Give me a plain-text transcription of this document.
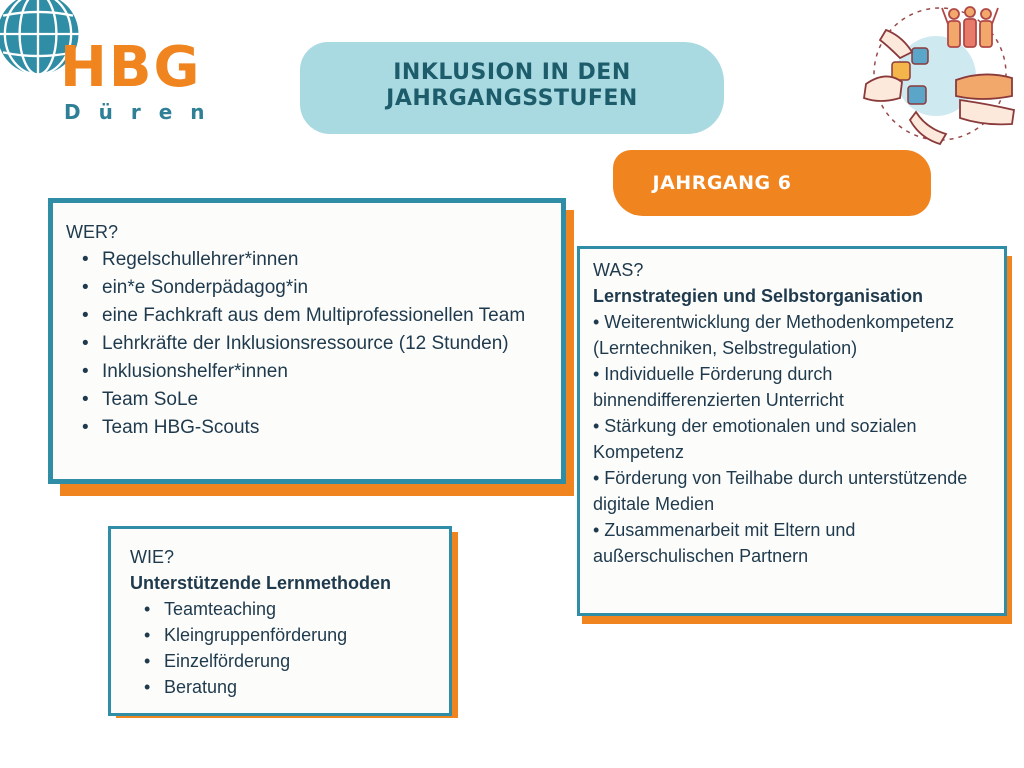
HBG
Düren
INKLUSION IN DEN
JAHRGANGSSTUFEN
JAHRGANG 6
WER?
• Regelschullehrer*innen
• ein*e Sonderpädagog*in
• eine Fachkraft aus dem Multiprofessionellen Team
• Lehrkräfte der Inklusionsressource (12 Stunden)
• Inklusionshelfer*innen
• Team SoLe
• Team HBG-Scouts
WAS?
Lernstrategien und Selbstorganisation
• Weiterentwicklung der Methodenkompetenz (Lerntechniken, Selbstregulation)
• Individuelle Förderung durch binnendifferenzierten Unterricht
• Stärkung der emotionalen und sozialen Kompetenz
• Förderung von Teilhabe durch unterstützende digitale Medien
• Zusammenarbeit mit Eltern und außerschulischen Partnern
WIE?
Unterstützende Lernmethoden
• Teamteaching
• Kleingruppenförderung
• Einzelförderung
• Beratung
